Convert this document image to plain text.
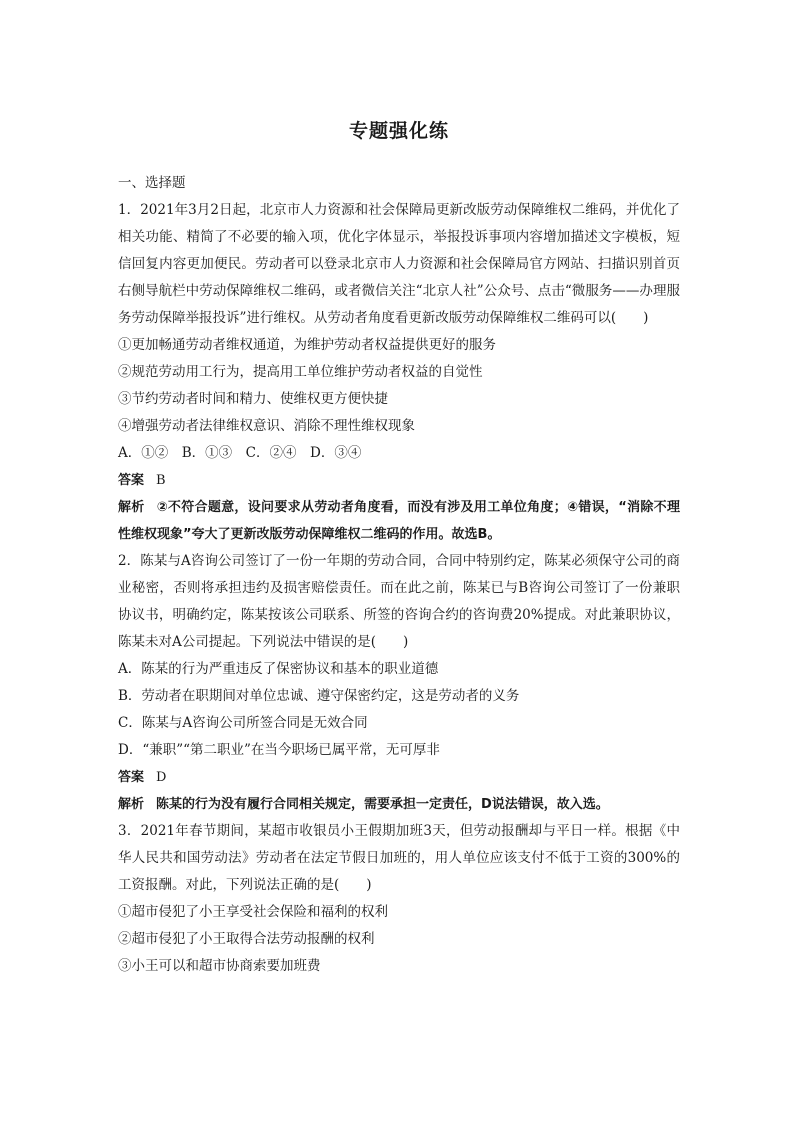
专题强化练
一、选择题
1．2021年3月2日起，北京市人力资源和社会保障局更新改版劳动保障维权二维码，并优化了相关功能、精简了不必要的输入项，优化字体显示，举报投诉事项内容增加描述文字模板，短信回复内容更加便民。劳动者可以登录北京市人力资源和社会保障局官方网站、扫描识别首页右侧导航栏中劳动保障维权二维码，或者微信关注“北京人社”公众号、点击“微服务——办理服务劳动保障举报投诉”进行维权。从劳动者角度看更新改版劳动保障维权二维码可以(　　)
①更加畅通劳动者维权通道，为维护劳动者权益提供更好的服务
②规范劳动用工行为，提高用工单位维护劳动者权益的自觉性
③节约劳动者时间和精力、使维权更方便快捷
④增强劳动者法律维权意识、消除不理性维权现象
A．①②　B．①③　C．②④　D．③④
答案 B
解析 ②不符合题意，设问要求从劳动者角度看，而没有涉及用工单位角度；④错误，“消除不理性维权现象”夸大了更新改版劳动保障维权二维码的作用。故选B。
2．陈某与A咨询公司签订了一份一年期的劳动合同，合同中特别约定，陈某必须保守公司的商业秘密，否则将承担违约及损害赔偿责任。而在此之前，陈某已与B咨询公司签订了一份兼职协议书，明确约定，陈某按该公司联系、所签的咨询合约的咨询费20%提成。对此兼职协议，陈某未对A公司提起。下列说法中错误的是(　　)
A．陈某的行为严重违反了保密协议和基本的职业道德
B．劳动者在职期间对单位忠诚、遵守保密约定，这是劳动者的义务
C．陈某与A咨询公司所签合同是无效合同
D．“兼职”“第二职业”在当今职场已属平常，无可厚非
答案 D
解析 陈某的行为没有履行合同相关规定，需要承担一定责任，D说法错误，故入选。
3．2021年春节期间，某超市收银员小王假期加班3天，但劳动报酬却与平日一样。根据《中华人民共和国劳动法》劳动者在法定节假日加班的，用人单位应该支付不低于工资的300%的工资报酬。对此，下列说法正确的是(　　)
①超市侵犯了小王享受社会保险和福利的权利
②超市侵犯了小王取得合法劳动报酬的权利
③小王可以和超市协商索要加班费
